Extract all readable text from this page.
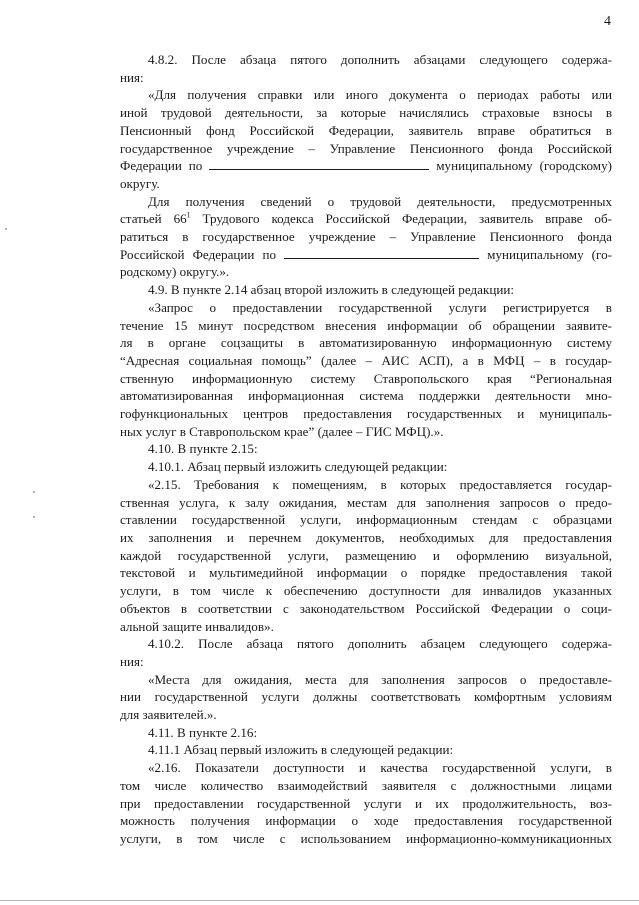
4
4.8.2. После абзаца пятого дополнить абзацами следующего содержа-
ния:
«Для получения справки или иного документа о периодах работы или
иной трудовой деятельности, за которые начислялись страховые взносы в
Пенсионный фонд Российской Федерации, заявитель вправе обратиться в
государственное учреждение – Управление Пенсионного фонда Российской
Федерации по	муниципальному (городскому)
округу.
Для получения сведений о трудовой деятельности, предусмотренных
статьей $66^1$ Трудового кодекса Российской Федерации, заявитель вправе об-
ратиться в государственное учреждение – Управление Пенсионного фонда
Российской Федерации по	муниципальному (го-
родскому) округу.».
4.9. В пункте 2.14 абзац второй изложить в следующей редакции:
«Запрос о предоставлении государственной услуги регистрируется в
течение 15 минут посредством внесения информации об обращении заявите-
ля в органе соцзащиты в автоматизированную информационную систему
“Адресная социальная помощь” (далее – АИС АСП), а в МФЦ – в государ-
ственную информационную систему Ставропольского края “Региональная
автоматизированная информационная система поддержки деятельности мно-
гофункциональных центров предоставления государственных и муниципаль-
ных услуг в Ставропольском крае” (далее – ГИС МФЦ).».
4.10. В пункте 2.15:
4.10.1. Абзац первый изложить следующей редакции:
«2.15. Требования к помещениям, в которых предоставляется государ-
ственная услуга, к залу ожидания, местам для заполнения запросов о предо-
ставлении государственной услуги, информационным стендам с образцами
их заполнения и перечнем документов, необходимых для предоставления
каждой государственной услуги, размещению и оформлению визуальной,
текстовой и мультимедийной информации о порядке предоставления такой
услуги, в том числе к обеспечению доступности для инвалидов указанных
объектов в соответствии с законодательством Российской Федерации о соци-
альной защите инвалидов».
4.10.2. После абзаца пятого дополнить абзацем следующего содержа-
ния:
«Места для ожидания, места для заполнения запросов о предоставле-
нии государственной услуги должны соответствовать комфортным условиям
для заявителей.».
4.11. В пункте 2.16:
4.11.1 Абзац первый изложить в следующей редакции:
«2.16. Показатели доступности и качества государственной услуги, в
том числе количество взаимодействий заявителя с должностными лицами
при предоставлении государственной услуги и их продолжительность, воз-
можность получения информации о ходе предоставления государственной
услуги, в том числе с использованием информационно-коммуникационных
